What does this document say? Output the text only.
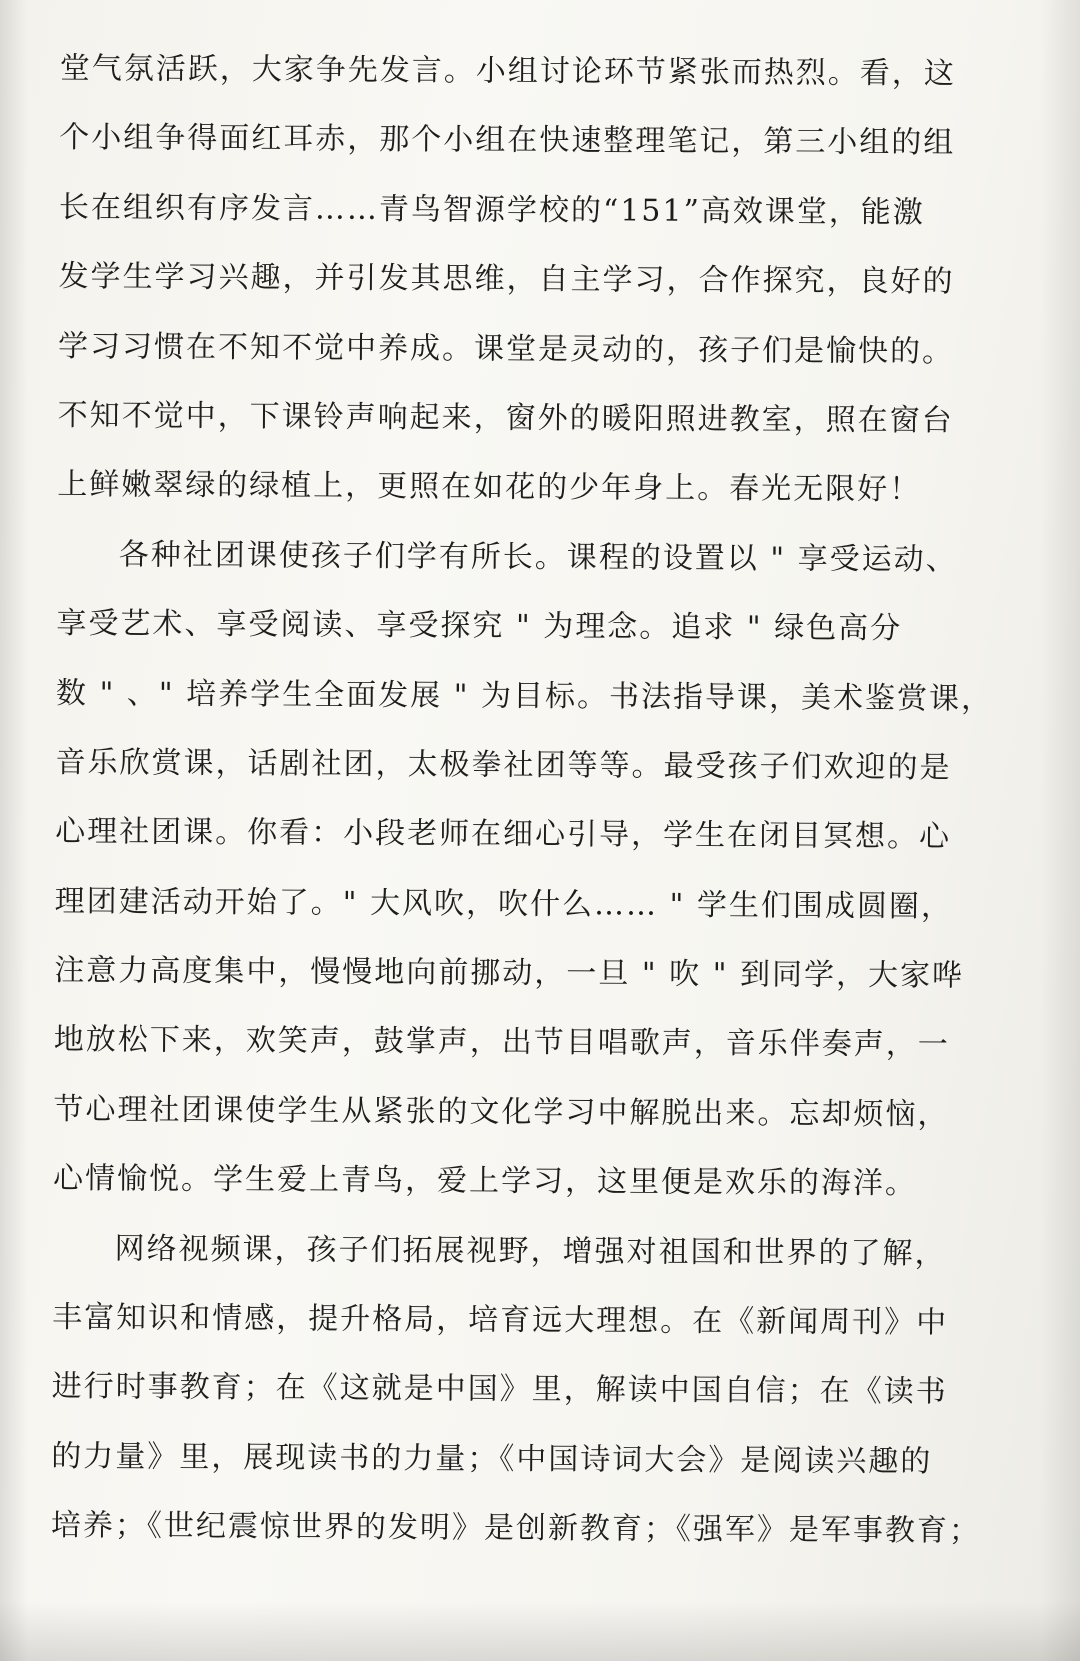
堂气氛活跃，大家争先发言。小组讨论环节紧张而热烈。看，这
个小组争得面红耳赤，那个小组在快速整理笔记，第三小组的组
长在组织有序发言……青鸟智源学校的“151”高效课堂，能激
发学生学习兴趣，并引发其思维，自主学习，合作探究，良好的
学习习惯在不知不觉中养成。课堂是灵动的，孩子们是愉快的。
不知不觉中，下课铃声响起来，窗外的暖阳照进教室，照在窗台
上鲜嫩翠绿的绿植上，更照在如花的少年身上。春光无限好！
各种社团课使孩子们学有所长。课程的设置以 " 享受运动、
享受艺术、享受阅读、享受探究 " 为理念。追求 " 绿色高分
数 " 、" 培养学生全面发展 " 为目标。书法指导课，美术鉴赏课，
音乐欣赏课，话剧社团，太极拳社团等等。最受孩子们欢迎的是
心理社团课。你看：小段老师在细心引导，学生在闭目冥想。心
理团建活动开始了。" 大风吹，吹什么…… " 学生们围成圆圈，
注意力高度集中，慢慢地向前挪动，一旦 " 吹 " 到同学，大家哗
地放松下来，欢笑声，鼓掌声，出节目唱歌声，音乐伴奏声，一
节心理社团课使学生从紧张的文化学习中解脱出来。忘却烦恼，
心情愉悦。学生爱上青鸟，爱上学习，这里便是欢乐的海洋。
网络视频课，孩子们拓展视野，增强对祖国和世界的了解，
丰富知识和情感，提升格局，培育远大理想。在《新闻周刊》中
进行时事教育；在《这就是中国》里，解读中国自信；在《读书
的力量》里，展现读书的力量；《中国诗词大会》是阅读兴趣的
培养；《世纪震惊世界的发明》是创新教育；《强军》是军事教育；
